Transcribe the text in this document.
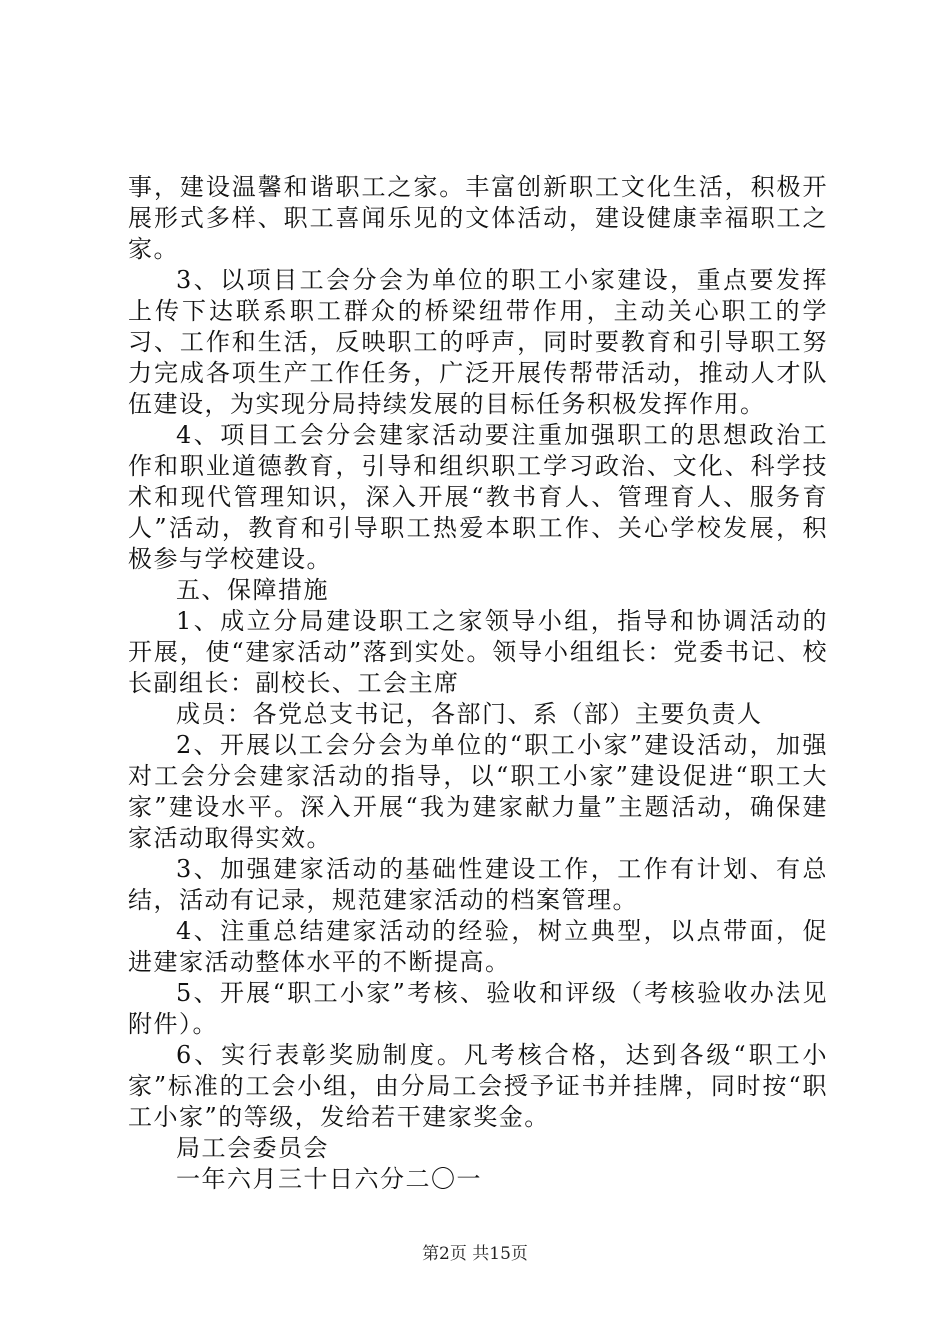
事，建设温馨和谐职工之家。丰富创新职工文化生活，积极开展形式多样、职工喜闻乐见的文体活动，建设健康幸福职工之家。

3、以项目工会分会为单位的职工小家建设，重点要发挥上传下达联系职工群众的桥梁纽带作用，主动关心职工的学习、工作和生活，反映职工的呼声，同时要教育和引导职工努力完成各项生产工作任务，广泛开展传帮带活动，推动人才队伍建设，为实现分局持续发展的目标任务积极发挥作用。

4、项目工会分会建家活动要注重加强职工的思想政治工作和职业道德教育，引导和组织职工学习政治、文化、科学技术和现代管理知识，深入开展“教书育人、管理育人、服务育人”活动，教育和引导职工热爱本职工作、关心学校发展，积极参与学校建设。

五、保障措施

1、成立分局建设职工之家领导小组，指导和协调活动的开展，使“建家活动”落到实处。领导小组组长：党委书记、校长副组长：副校长、工会主席

成员：各党总支书记，各部门、系（部）主要负责人

2、开展以工会分会为单位的“职工小家”建设活动，加强对工会分会建家活动的指导，以“职工小家”建设促进“职工大家”建设水平。深入开展“我为建家献力量”主题活动，确保建家活动取得实效。

3、加强建家活动的基础性建设工作，工作有计划、有总结，活动有记录，规范建家活动的档案管理。

4、注重总结建家活动的经验，树立典型，以点带面，促进建家活动整体水平的不断提高。

5、开展“职工小家”考核、验收和评级（考核验收办法见附件）。

6、实行表彰奖励制度。凡考核合格，达到各级“职工小家”标准的工会小组，由分局工会授予证书并挂牌，同时按“职工小家”的等级，发给若干建家奖金。

局工会委员会

一年六月三十日六分二〇一

第2页 共15页
